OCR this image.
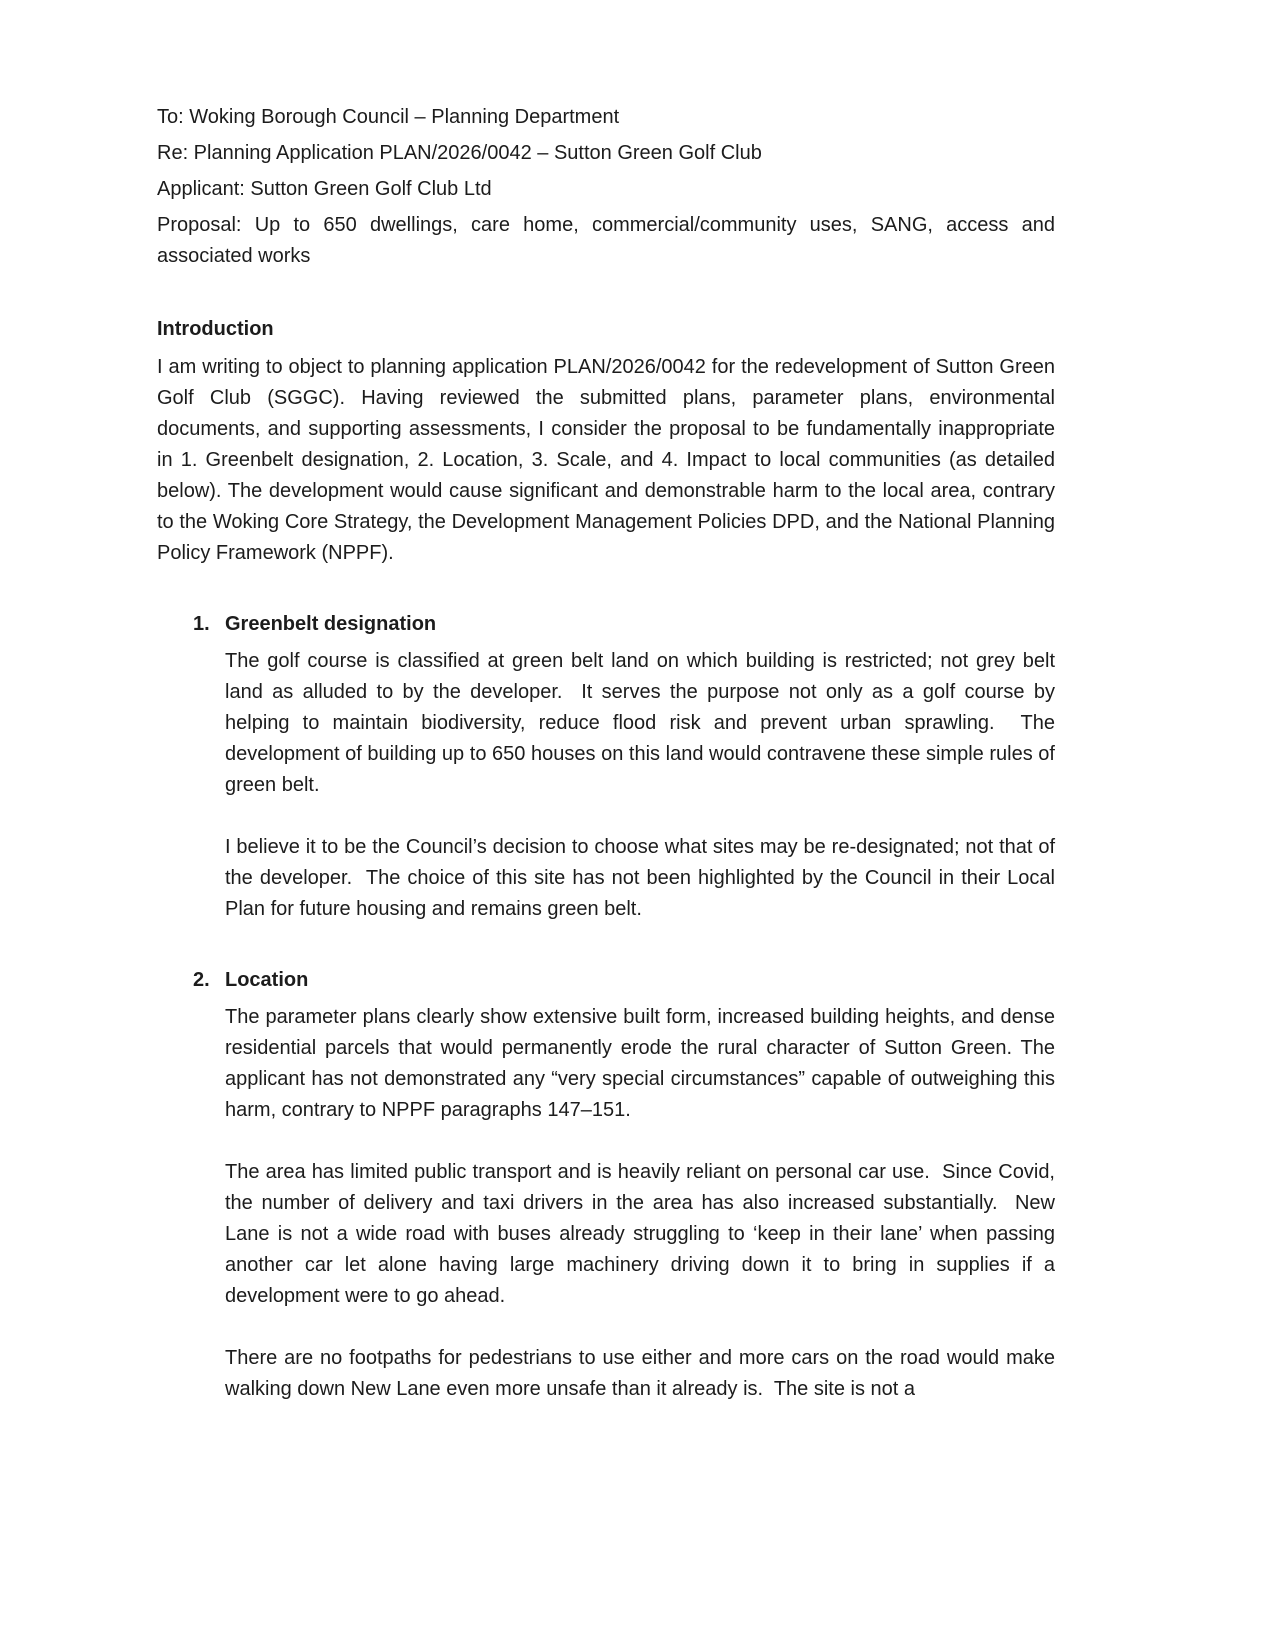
To: Woking Borough Council – Planning Department

Re: Planning Application PLAN/2026/0042 – Sutton Green Golf Club

Applicant: Sutton Green Golf Club Ltd

Proposal: Up to 650 dwellings, care home, commercial/community uses, SANG, access and associated works

Introduction

I am writing to object to planning application PLAN/2026/0042 for the redevelopment of Sutton Green Golf Club (SGGC). Having reviewed the submitted plans, parameter plans, environmental documents, and supporting assessments, I consider the proposal to be fundamentally inappropriate in 1. Greenbelt designation, 2. Location, 3. Scale, and 4. Impact to local communities (as detailed below). The development would cause significant and demonstrable harm to the local area, contrary to the Woking Core Strategy, the Development Management Policies DPD, and the National Planning Policy Framework (NPPF).

1. Greenbelt designation

The golf course is classified at green belt land on which building is restricted; not grey belt land as alluded to by the developer.  It serves the purpose not only as a golf course by helping to maintain biodiversity, reduce flood risk and prevent urban sprawling.  The development of building up to 650 houses on this land would contravene these simple rules of green belt.

I believe it to be the Council’s decision to choose what sites may be re-designated; not that of the developer.  The choice of this site has not been highlighted by the Council in their Local Plan for future housing and remains green belt.

2. Location

The parameter plans clearly show extensive built form, increased building heights, and dense residential parcels that would permanently erode the rural character of Sutton Green. The applicant has not demonstrated any “very special circumstances” capable of outweighing this harm, contrary to NPPF paragraphs 147–151.

The area has limited public transport and is heavily reliant on personal car use.  Since Covid, the number of delivery and taxi drivers in the area has also increased substantially.  New Lane is not a wide road with buses already struggling to ‘keep in their lane’ when passing another car let alone having large machinery driving down it to bring in supplies if a development were to go ahead.

There are no footpaths for pedestrians to use either and more cars on the road would make walking down New Lane even more unsafe than it already is.  The site is not a
